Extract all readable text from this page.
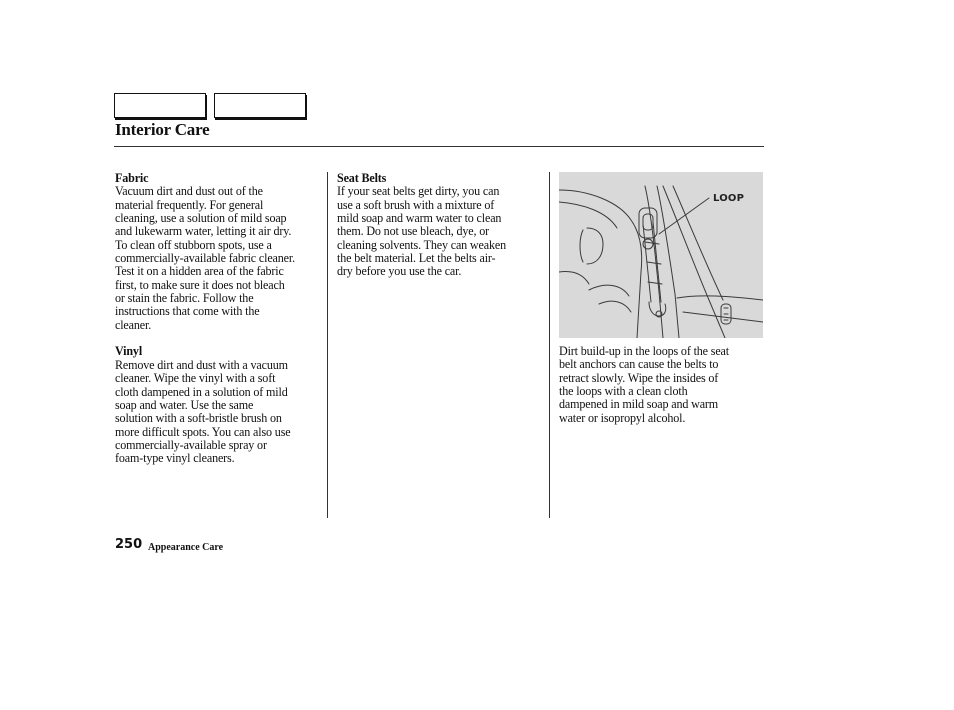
Interior Care
Fabric

Vacuum dirt and dust out of the

material frequently. For general

cleaning, use a solution of mild soap

and lukewarm water, letting it air dry.

To clean off stubborn spots, use a

commercially-available fabric cleaner.

Test it on a hidden area of the fabric

first, to make sure it does not bleach

or stain the fabric. Follow the

instructions that come with the

cleaner.

Vinyl

Remove dirt and dust with a vacuum

cleaner. Wipe the vinyl with a soft

cloth dampened in a solution of mild

soap and water. Use the same

solution with a soft-bristle brush on

more difficult spots. You can also use

commercially-available spray or

foam-type vinyl cleaners.

Seat Belts

If your seat belts get dirty, you can

use a soft brush with a mixture of

mild soap and warm water to clean

them. Do not use bleach, dye, or

cleaning solvents. They can weaken

the belt material. Let the belts air-

dry before you use the car.

LOOP

Dirt build-up in the loops of the seat

belt anchors can cause the belts to

retract slowly. Wipe the insides of

the loops with a clean cloth

dampened in mild soap and warm

water or isopropyl alcohol.

250 Appearance Care
